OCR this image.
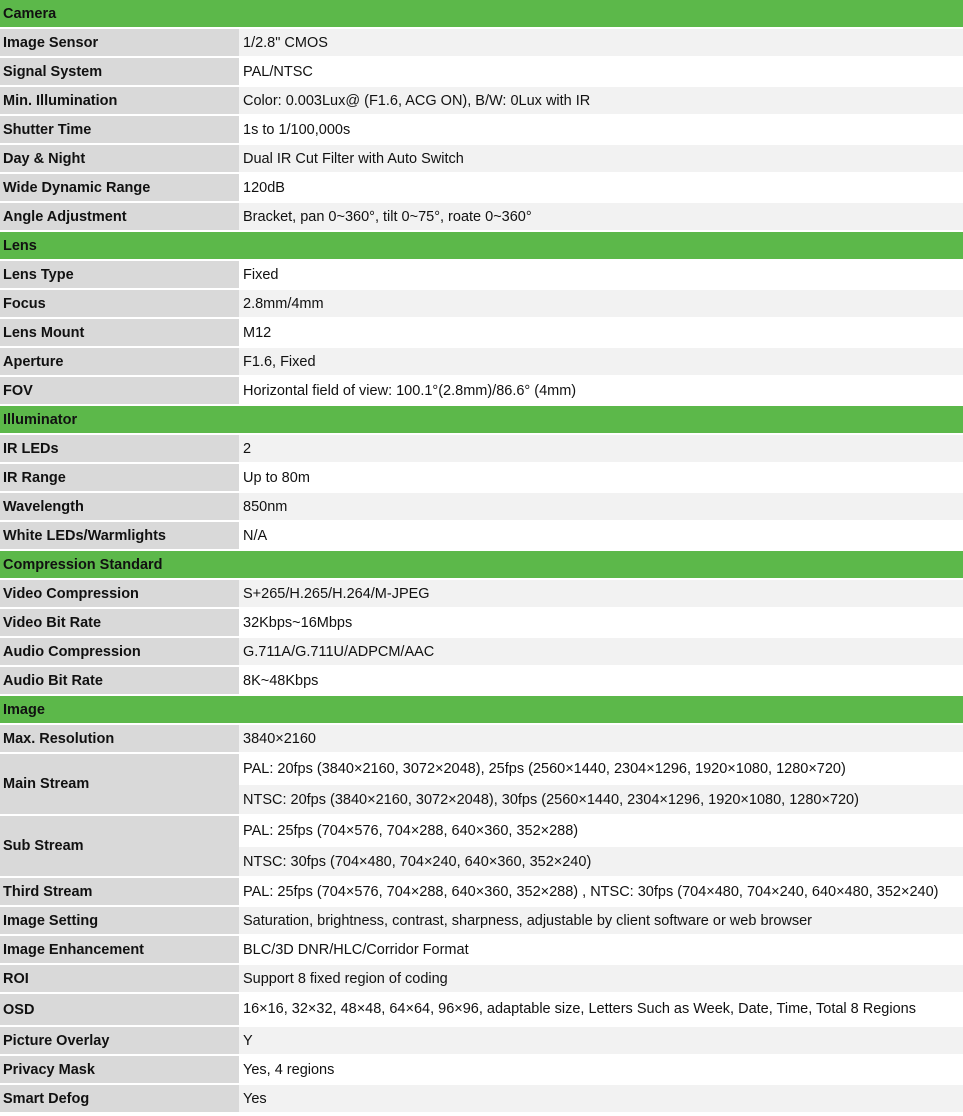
Camera	
Image Sensor	1/2.8" CMOS
Signal System	PAL/NTSC
Min. Illumination	Color: 0.003Lux@ (F1.6, ACG ON), B/W: 0Lux with IR
Shutter Time	1s to 1/100,000s
Day & Night	Dual IR Cut Filter with Auto Switch
Wide Dynamic Range	120dB
Angle Adjustment	Bracket, pan 0~360°, tilt 0~75°, roate 0~360°
Lens	
Lens Type	Fixed
Focus	2.8mm/4mm
Lens Mount	M12
Aperture	F1.6, Fixed
FOV	Horizontal field of view: 100.1°(2.8mm)/86.6° (4mm)
Illuminator	
IR LEDs	2
IR Range	Up to 80m
Wavelength	850nm
White LEDs/Warmlights	N/A
Compression Standard	
Video Compression	S+265/H.265/H.264/M-JPEG
Video Bit Rate	32Kbps~16Mbps
Audio Compression	G.711A/G.711U/ADPCM/AAC
Audio Bit Rate	8K~48Kbps
Image	
Max. Resolution	3840×2160
Main Stream	PAL: 20fps (3840×2160, 3072×2048), 25fps (2560×1440, 2304×1296, 1920×1080, 1280×720)
	NTSC: 20fps (3840×2160, 3072×2048), 30fps (2560×1440, 2304×1296, 1920×1080, 1280×720)
Sub Stream	PAL: 25fps (704×576, 704×288, 640×360, 352×288)
	NTSC: 30fps (704×480, 704×240, 640×360, 352×240)
Third Stream	PAL: 25fps (704×576, 704×288, 640×360, 352×288) , NTSC: 30fps (704×480, 704×240, 640×480, 352×240)
Image Setting	Saturation, brightness, contrast, sharpness, adjustable by client software or web browser
Image Enhancement	BLC/3D DNR/HLC/Corridor Format
ROI	Support 8 fixed region of coding
OSD	16×16, 32×32, 48×48, 64×64, 96×96, adaptable size, Letters Such as Week, Date, Time, Total 8 Regions
Picture Overlay	Y
Privacy Mask	Yes, 4 regions
Smart Defog	Yes
